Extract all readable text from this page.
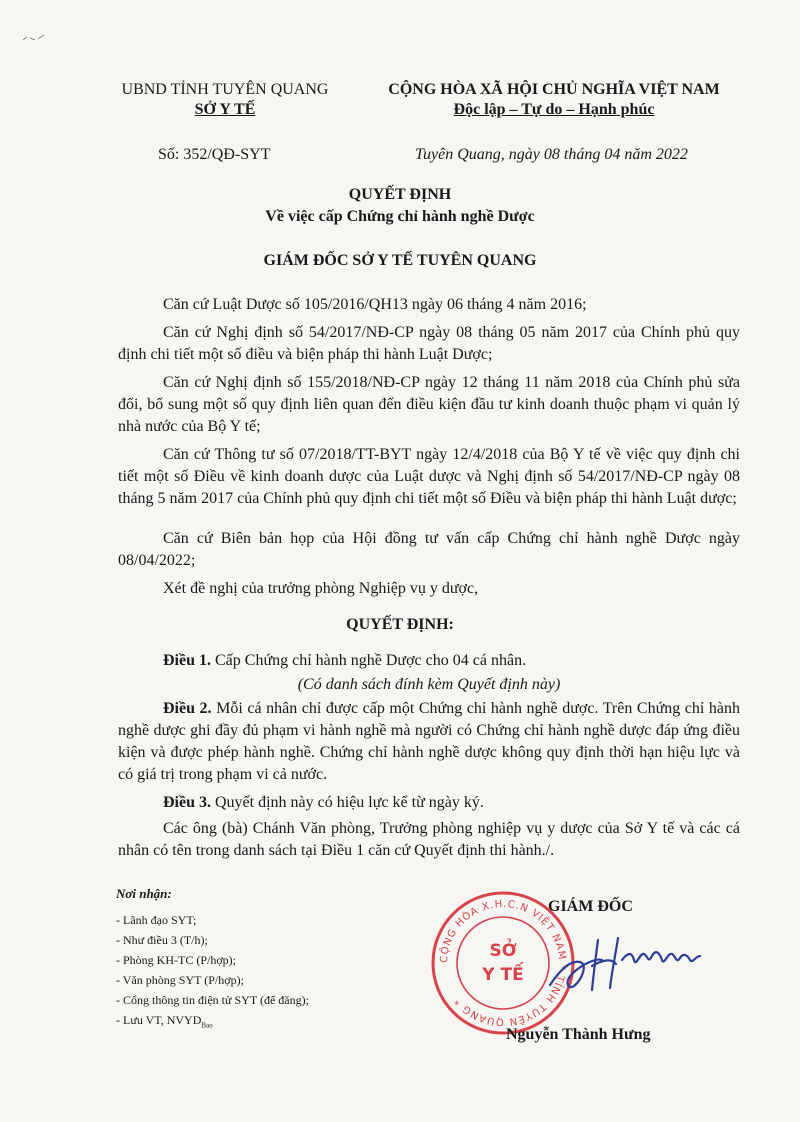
UBND TỈNH TUYÊN QUANG
SỞ Y TẾ
CỘNG HÒA XÃ HỘI CHỦ NGHĨA VIỆT NAM
Độc lập – Tự do – Hạnh phúc
Số: 352/QĐ-SYT	Tuyên Quang, ngày 08 tháng 04 năm 2022
QUYẾT ĐỊNH
Về việc cấp Chứng chỉ hành nghề Dược
GIÁM ĐỐC SỞ Y TẾ TUYÊN QUANG
Căn cứ Luật Dược số 105/2016/QH13 ngày 06 tháng 4 năm 2016;
Căn cứ Nghị định số 54/2017/NĐ-CP ngày 08 tháng 05 năm 2017 của Chính phủ quy định chi tiết một số điều và biện pháp thi hành Luật Dược;
Căn cứ Nghị định số 155/2018/NĐ-CP ngày 12 tháng 11 năm 2018 của Chính phủ sửa đổi, bổ sung một số quy định liên quan đến điều kiện đầu tư kinh doanh thuộc phạm vi quản lý nhà nước của Bộ Y tế;
Căn cứ Thông tư số 07/2018/TT-BYT ngày 12/4/2018 của Bộ Y tế về việc quy định chi tiết một số Điều về kinh doanh dược của Luật dược và Nghị định số 54/2017/NĐ-CP ngày 08 tháng 5 năm 2017 của Chính phủ quy định chi tiết một số Điều và biện pháp thi hành Luật dược;
Căn cứ Biên bản họp của Hội đồng tư vấn cấp Chứng chỉ hành nghề Dược ngày 08/04/2022;
Xét đề nghị của trưởng phòng Nghiệp vụ y dược,
QUYẾT ĐỊNH:
Điều 1. Cấp Chứng chỉ hành nghề Dược cho 04 cá nhân.
(Có danh sách đính kèm Quyết định này)
Điều 2. Mỗi cá nhân chỉ được cấp một Chứng chỉ hành nghề dược. Trên Chứng chỉ hành nghề dược ghi đầy đủ phạm vi hành nghề mà người có Chứng chỉ hành nghề dược đáp ứng điều kiện và được phép hành nghề. Chứng chỉ hành nghề dược không quy định thời hạn hiệu lực và có giá trị trong phạm vi cả nước.
Điều 3. Quyết định này có hiệu lực kể từ ngày ký.
Các ông (bà) Chánh Văn phòng, Trưởng phòng nghiệp vụ y dược của Sở Y tế và các cá nhân có tên trong danh sách tại Điều 1 căn cứ Quyết định thi hành./.
Nơi nhận:
- Lãnh đạo SYT;
- Như điều 3 (T/h);
- Phòng KH-TC (P/hợp);
- Văn phòng SYT (P/hợp);
- Cổng thông tin điện tử SYT (để đăng);
- Lưu VT, $NVYD_{Bao}$
CỘNG HÒA X.H.C.N VIỆT NAM * TỈNH TUYÊN QUANG *
SỞ
Y TẾ
GIÁM ĐỐC
Nguyễn Thành Hưng
